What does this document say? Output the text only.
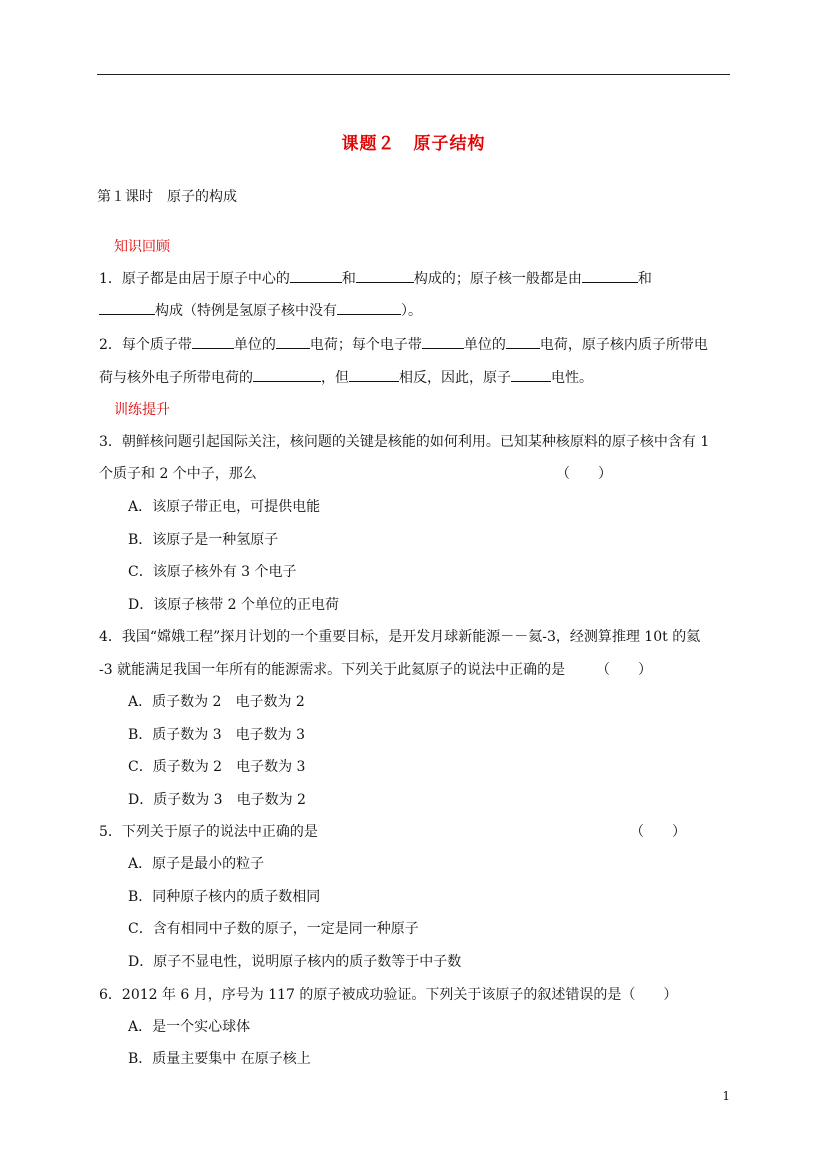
课题２　原子结构
第１课时　原子的构成
知识回顾
1．原子都是由居于原子中心的	和	构成的；原子核一般都是由	和
构成（特例是氢原子核中没有	）。
2．每个质子带	单位的 电荷；每个电子带	单位的 电荷，原子核内质子所带电
荷与核外电子所带电荷的	，但	相反，因此，原子	电性。
训练提升
3．朝鲜核问题引起国际关注，核问题的关键是核能的如何利用。已知某种核原料的原子核中含有 1
个质子和 2 个中子，那么	（　　）
A．该原子带正电，可提供电能
B．该原子是一种氢原子
C．该原子核外有 3 个电子
D．该原子核带 2 个单位的正电荷
4．我国“嫦娥工程”探月计划的一个重要目标，是开发月球新能源－－氦-3，经测算推理 10t 的氦
-3 就能满足我国一年所有的能源需求。下列关于此氦原子的说法中正确的是 （　　）
A．质子数为 2　电子数为 2
B．质子数为 3　电子数为 3
C．质子数为 2　电子数为 3
D．质子数为 3　电子数为 2
5．下列关于原子的说法中正确的是	（　　）
A．原子是最小的粒子
B．同种原子核内的质子数相同
C．含有相同中子数的原子，一定是同一种原子
D．原子不显电性，说明原子核内的质子数等于中子数
6．2012 年 6 月，序号为 117 的原子被成功验证。下列关于该原子的叙述错误的是（　　）
A．是一个实心球体
B．质量主要集中 在原子核上
1
